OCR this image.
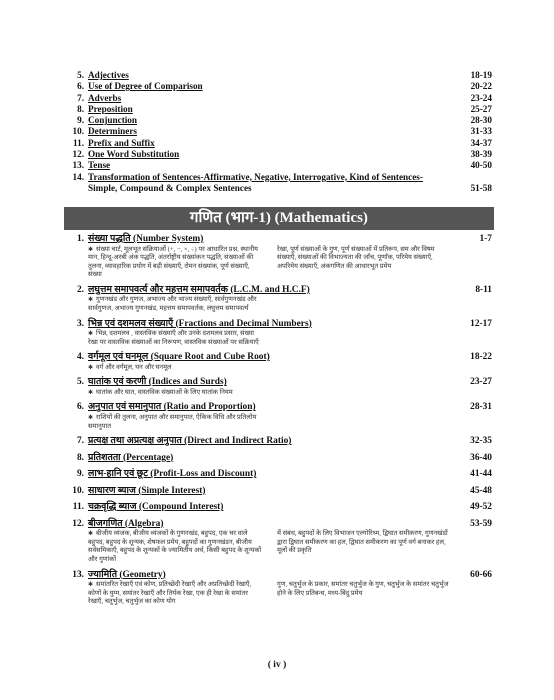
5. Adjectives	18-19
6. Use of Degree of Comparison	20-22
7. Adverbs	23-24
8. Preposition	25-27
9. Conjunction	28-30
10. Determiners	31-33
11. Prefix and Suffix	34-37
12. One Word Substitution	38-39
13. Tense	40-50
14. Transformation of Sentences-Affirmative, Negative, Interrogative, Kind of Sentences-
Simple, Compound & Complex Sentences	51-58
गणित (भाग-1) (Mathematics)
1. संख्या पद्धति (Number System)	1-7
✱ संख्या चार्ट, मूलभूत संक्रियाओं (+, −, ×, ÷) पर आधारित प्रश्न, स्थानीय मान, हिन्दू-अरबी अंक पद्धति, अंतर्राष्ट्रीय संख्यांकन पद्धति, संख्याओं की तुलना, व्यावहारिक प्रयोग में बड़ी संख्याएँ, रोमन संख्यांक, पूर्ण संख्याएँ, संख्या
रेखा, पूर्ण संख्याओं के गुण, पूर्ण संख्याओं में प्रतिरूप, सम और विषम संख्याएँ, संख्याओं की विभाज्यता की जाँच, पूर्णांक, परिमेय संख्याएँ, अपरिमेय संख्याएँ, अंकगणित की आधारभूत प्रमेय
2. लघुत्तम समापवर्त्य और महत्तम समापवर्तक (L.C.M. and H.C.F)	8-11
✱ गुणनखंड और गुणज, अभाज्य और भाज्य संख्याएँ, सार्वगुणनखंड और सार्वगुणज, अभाज्य गुणनखंड, महत्तम समापवर्तक, लघुत्तम समापवर्त्य
3. भिन्न एवं दशमलव संख्याएँ (Fractions and Decimal Numbers)	12-17
✱ भिन्न, दशमलव , वास्तविक संख्याएँ और उनके दशमलव प्रसार, संख्या रेखा पर वास्तविक संख्याओं का निरूपण, वास्तविक संख्याओं पर संक्रियाएँ
4. वर्गमूल एवं घनमूल (Square Root and Cube Root)	18-22
✱ वर्ग और वर्गमूल, घन और घनमूल
5. घातांक एवं करणी (Indices and Surds)	23-27
✱ घातांक और घात, वास्तविक संख्याओं के लिए घातांक नियम
6. अनुपात एवं समानुपात (Ratio and Proportion)	28-31
✱ राशियों की तुलना, अनुपात और समानुपात, ऐकिक विधि और प्रतिलोम समानुपात
7. प्रत्यक्ष तथा अप्रत्यक्ष अनुपात (Direct and Indirect Ratio)	32-35
8. प्रतिशतता (Percentage)	36-40
9. लाभ-हानि एवं छूट (Profit-Loss and Discount)	41-44
10. साधारण ब्याज (Simple Interest)	45-48
11. चक्रवृद्धि ब्याज (Compound Interest)	49-52
12. बीजगणित (Algebra)	53-59
✱ बीजीय व्यंजक, बीजीय व्यंजकों के गुणनखंड, बहुपद, एक चर वाले बहुपद, बहुपद के शून्यक, शेषफल प्रमेय, बहुपदों का गुणनखंडन, बीजीय सर्वसमिकाएँ, बहुपद के शून्यकों के ज्यामितीय अर्थ, किसी बहुपद के शून्यकों और गुणांकों
में संबंध, बहुपदों के लिए विभाजन एल्गोरिथ्म, द्विघात समीकरण, गुणनखंडों द्वारा द्विघात समीकरण का हल, द्विघात समीकरण का पूर्ण वर्ग बनाकर हल, मूलों की प्रकृति
13. ज्यामिति (Geometry)	60-66
✱ समांतरित रेखाएँ एवं कोण, प्रतिच्छेदी रेखाएँ और अप्रतिच्छेदी रेखाएँ, कोणों के युग्म, समांतर रेखाएँ और तिर्यक रेखा, एक ही रेखा के समांतर रेखाएँ, चतुर्भुज, चतुर्भुज का कोण योग
गुण, चतुर्भुज के प्रकार, समांतर चतुर्भुज के गुण, चतुर्भुज के समांतर चतुर्भुज होने के लिए प्रतिबन्ध, मध्य-बिंदु प्रमेय
( iv )
